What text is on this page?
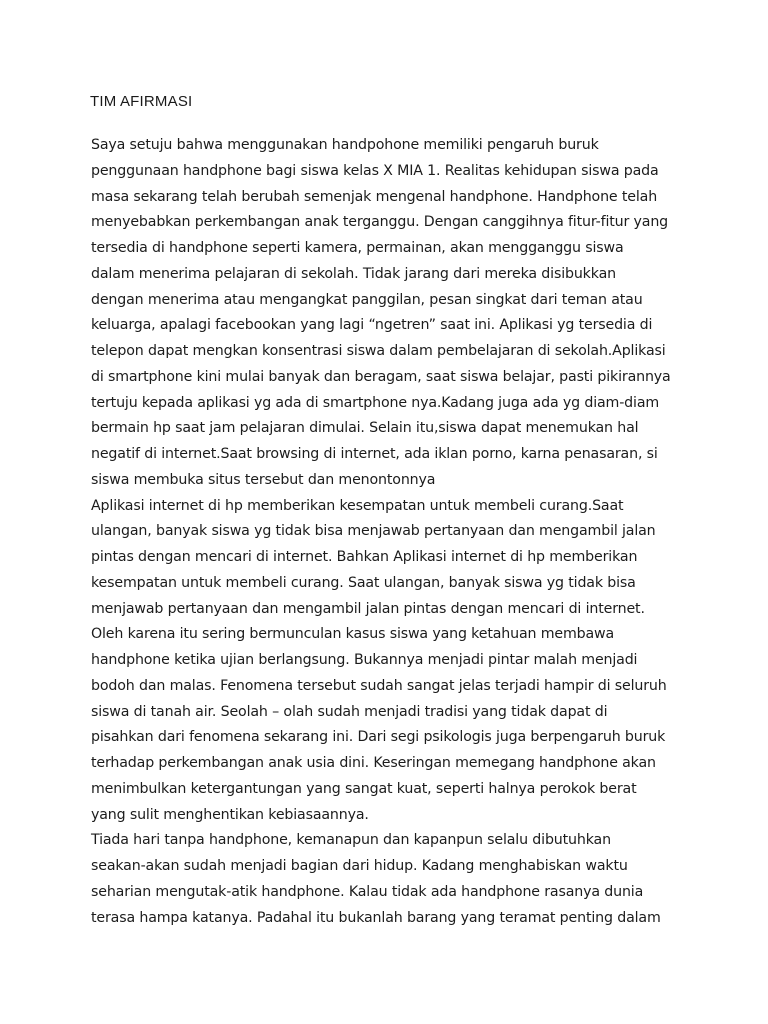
TIM AFIRMASI
Saya setuju bahwa menggunakan handpohone memiliki pengaruh buruk
penggunaan handphone bagi siswa kelas X MIA 1. Realitas kehidupan siswa pada
masa sekarang telah berubah semenjak mengenal handphone. Handphone telah
menyebabkan perkembangan anak terganggu. Dengan canggihnya fitur-fitur yang
tersedia di handphone seperti kamera, permainan, akan mengganggu siswa
dalam menerima pelajaran di sekolah. Tidak jarang dari mereka disibukkan
dengan menerima atau mengangkat panggilan, pesan singkat dari teman atau
keluarga, apalagi facebookan yang lagi “ngetren” saat ini. Aplikasi yg tersedia di
telepon dapat mengkan konsentrasi siswa dalam pembelajaran di sekolah.Aplikasi
di smartphone kini mulai banyak dan beragam, saat siswa belajar, pasti pikirannya
tertuju kepada aplikasi yg ada di smartphone nya.Kadang juga ada yg diam-diam
bermain hp saat jam pelajaran dimulai. Selain itu,siswa dapat menemukan hal
negatif di internet.Saat browsing di internet, ada iklan porno, karna penasaran, si
siswa membuka situs tersebut dan menontonnya
Aplikasi internet di hp memberikan kesempatan untuk membeli curang.Saat
ulangan, banyak siswa yg tidak bisa menjawab pertanyaan dan mengambil jalan
pintas dengan mencari di internet. Bahkan Aplikasi internet di hp memberikan
kesempatan untuk membeli curang. Saat ulangan, banyak siswa yg tidak bisa
menjawab pertanyaan dan mengambil jalan pintas dengan mencari di internet.
Oleh karena itu sering bermunculan kasus siswa yang ketahuan membawa
handphone ketika ujian berlangsung. Bukannya menjadi pintar malah menjadi
bodoh dan malas. Fenomena tersebut sudah sangat jelas terjadi hampir di seluruh
siswa di tanah air. Seolah – olah sudah menjadi tradisi yang tidak dapat di
pisahkan dari fenomena sekarang ini. Dari segi psikologis juga berpengaruh buruk
terhadap perkembangan anak usia dini. Keseringan memegang handphone akan
menimbulkan ketergantungan yang sangat kuat, seperti halnya perokok berat
yang sulit menghentikan kebiasaannya.
Tiada hari tanpa handphone, kemanapun dan kapanpun selalu dibutuhkan
seakan-akan sudah menjadi bagian dari hidup. Kadang menghabiskan waktu
seharian mengutak-atik handphone. Kalau tidak ada handphone rasanya dunia
terasa hampa katanya. Padahal itu bukanlah barang yang teramat penting dalam
